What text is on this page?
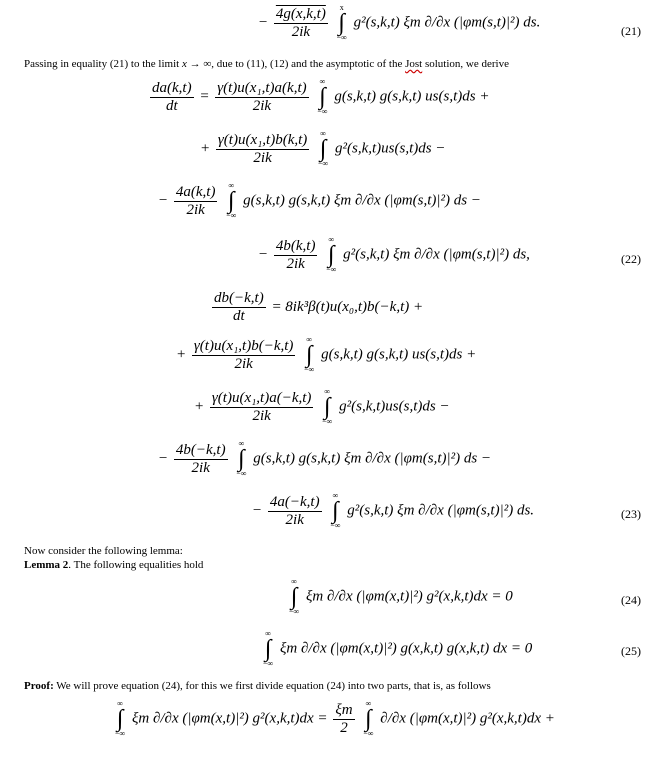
− $\frac{4g(x,k,t)}{2ik}$
	x
∫
−∞
g²(s,k,t) ξm ∂/∂x (|φm(s,t)|²) ds.
(21)
Passing in equality (21) to the limit x → ∞, due to (11), (12) and the asymptotic of the Jost solution, we derive
$\frac{da(k,t)}{dt} = \frac{\text{γ(t)u(x₁,t)a(k,t)}}{2ik}$
∞
∫
−∞
g(s,k,t) g(s,k,t) us(s,t)ds +
+ $\frac{\text{γ(t)u(x₁,t)b(k,t)}}{2ik}$
∞
∫
−∞
g²(s,k,t)us(s,t)ds −
− $\frac{4a(k,t)}{2ik}$
∞
∫
−∞
g(s,k,t) g(s,k,t) ξm ∂/∂x (|φm(s,t)|²) ds −
− $\frac{4b(k,t)}{2ik}$
∞
∫
−∞
g²(s,k,t) ξm ∂/∂x (|φm(s,t)|²) ds,	(22)
$\frac{db(-k,t)}{dt} = 8ik^3\beta(t)u(x_0,t)b(-k,t)$ +
+ $\frac{\text{γ(t)u(x₁,t)b(−k,t)}}{2ik}$
∞
∫
−∞
g(s,k,t) g(s,k,t) us(s,t)ds +
+ $\frac{\text{γ(t)u(x₁,t)a(−k,t)}}{2ik}$
∞
∫
−∞
g²(s,k,t)us(s,t)ds −
− $\frac{4b(-k,t)}{2ik}$
∞
∫
−∞
g(s,k,t) g(s,k,t) ξm ∂/∂x (|φm(s,t)|²) ds −
− $\frac{4a(-k,t)}{2ik}$
∞
∫
−∞
g²(s,k,t) ξm ∂/∂x (|φm(s,t)|²) ds.	(23)
Now consider the following lemma:
Lemma 2. The following equalities hold
∞
∫
−∞
ξm ∂/∂x (|φm(x,t)|²) g²(x,k,t)dx = 0	(24)
∞
∫
−∞
ξm ∂/∂x (|φm(x,t)|²) g(x,k,t) g(x,k,t) dx = 0	(25)
Proof: We will prove equation (24), for this we first divide equation (24) into two parts, that is, as follows
∞
∫
−∞
ξm ∂/∂x (|φm(x,t)|²) $g^2(x,k,t)dx = \frac{\xi m}{2}$
∞
∫
−∞
∂/∂x (|φm(x,t)|²) g²(x,k,t)dx +
